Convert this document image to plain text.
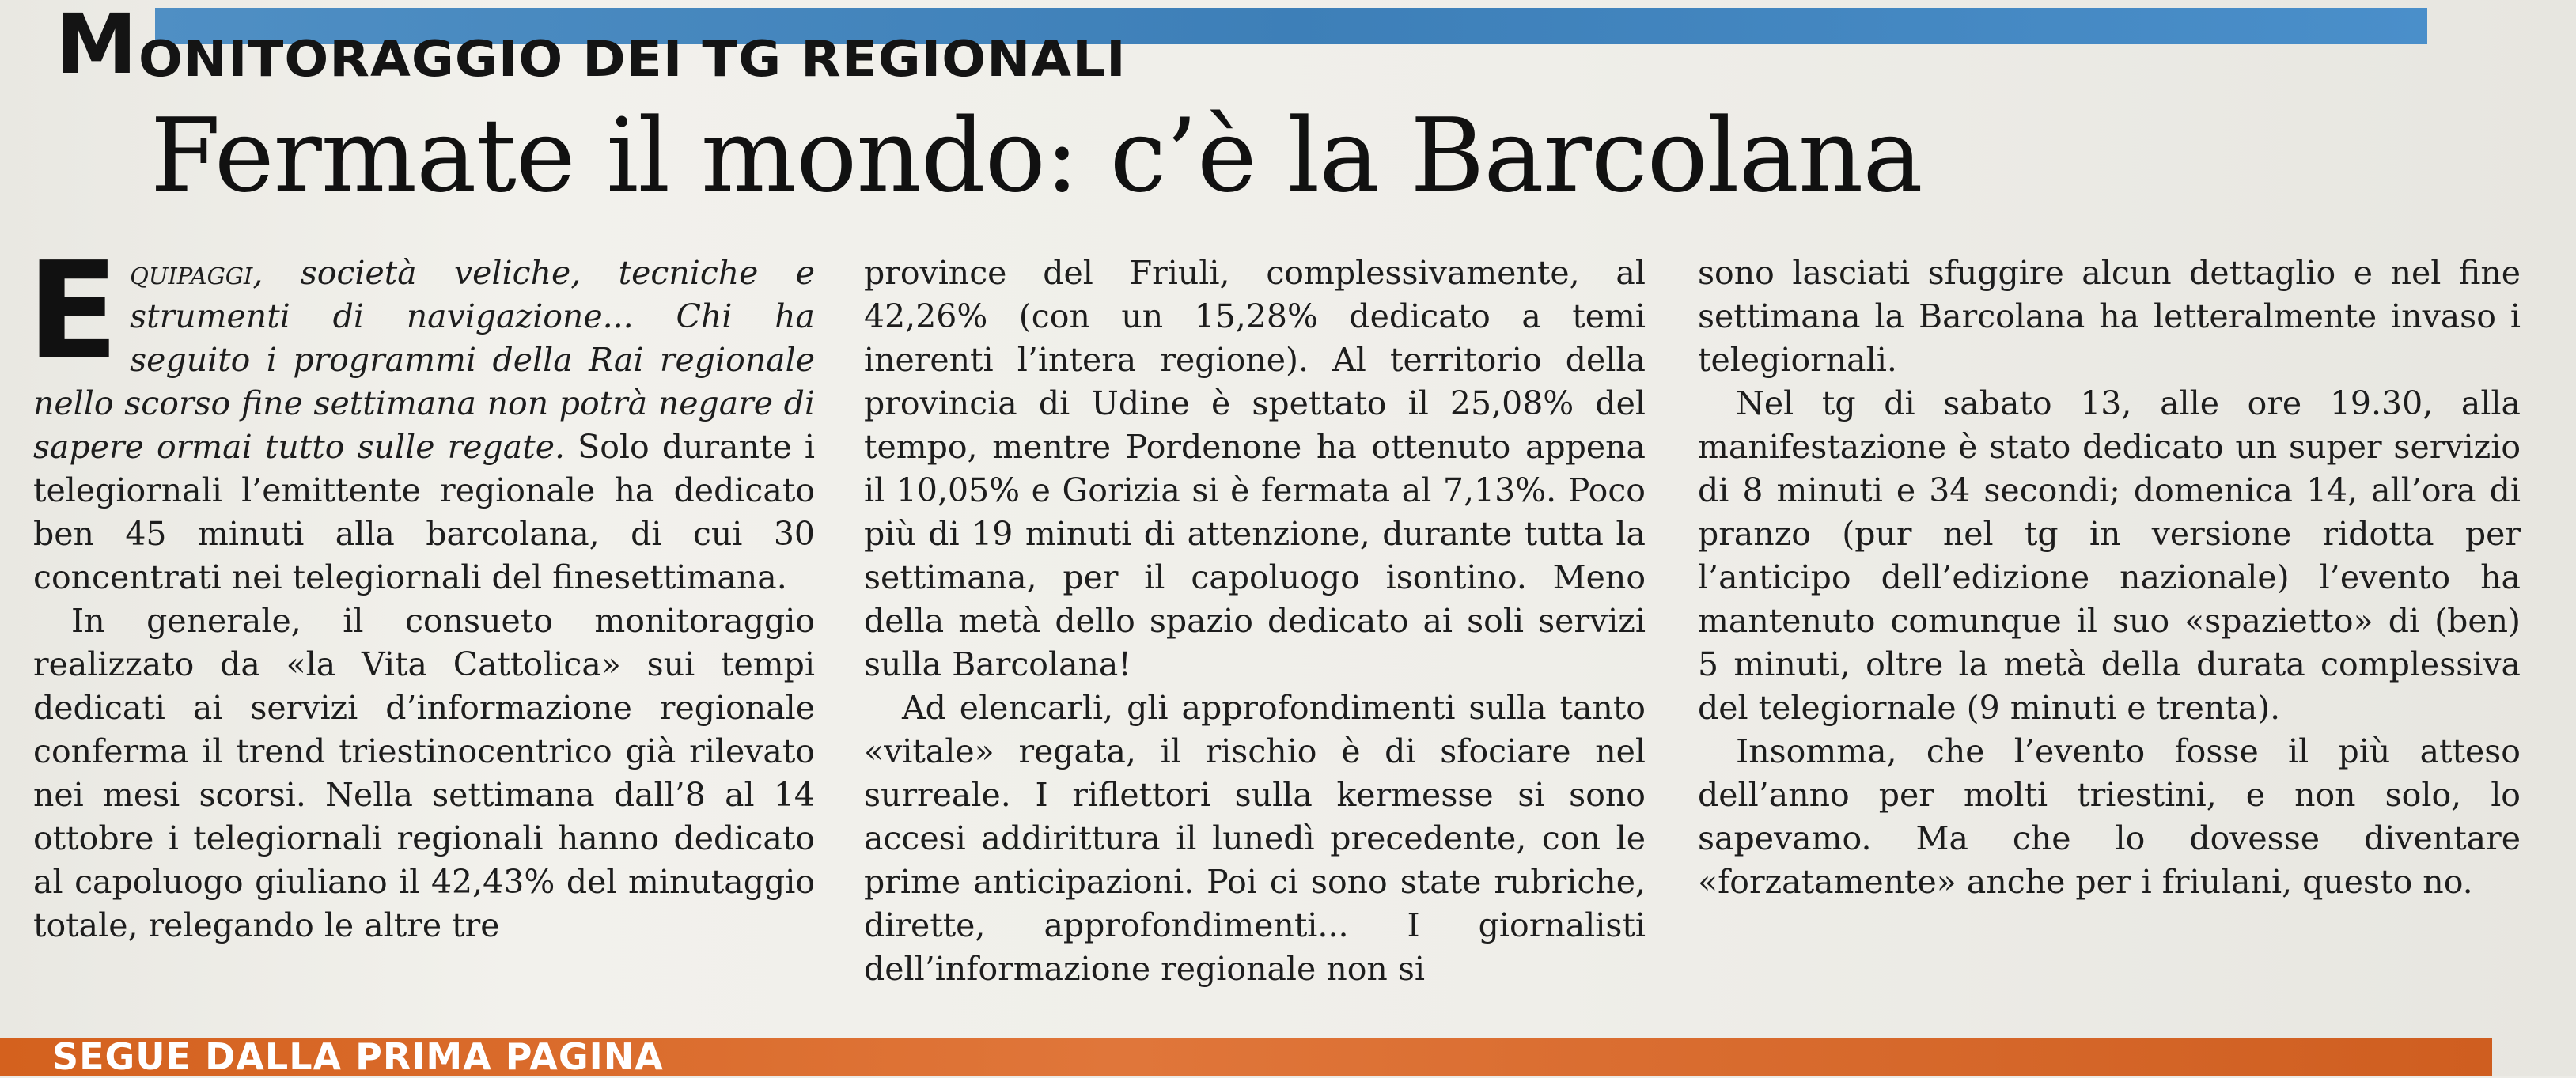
MONITORAGGIO DEI TG REGIONALI
Fermate il mondo: c’è la Barcolana

Equipaggi, società veliche, tecniche e strumenti di navigazione... Chi ha seguito i programmi della Rai regionale nello scorso fine settimana non potrà negare di sapere ormai tutto sulle regate. Solo durante i telegiornali l’emittente regionale ha dedicato ben 45 minuti alla barcolana, di cui 30 concentrati nei telegiornali del finesettimana.

In generale, il consueto monitoraggio realizzato da «la Vita Cattolica» sui tempi dedicati ai servizi d’informazione regionale conferma il trend triestinocentrico già rilevato nei mesi scorsi. Nella settimana dall’8 al 14 ottobre i telegiornali regionali hanno dedicato al capoluogo giuliano il 42,43% del minutaggio totale, relegando le altre tre

province del Friuli, complessivamente, al 42,26% (con un 15,28% dedicato a temi inerenti l’intera regione). Al territorio della provincia di Udine è spettato il 25,08% del tempo, mentre Pordenone ha ottenuto appena il 10,05% e Gorizia si è fermata al 7,13%. Poco più di 19 minuti di attenzione, durante tutta la settimana, per il capoluogo isontino. Meno della metà dello spazio dedicato ai soli servizi sulla Barcolana!

Ad elencarli, gli approfondimenti sulla tanto «vitale» regata, il rischio è di sfociare nel surreale. I riflettori sulla kermesse si sono accesi addirittura il lunedì precedente, con le prime anticipazioni. Poi ci sono state rubriche, dirette, approfondimenti... I giornalisti dell’informazione regionale non si

sono lasciati sfuggire alcun dettaglio e nel fine settimana la Barcolana ha letteralmente invaso i telegiornali.

Nel tg di sabato 13, alle ore 19.30, alla manifestazione è stato dedicato un super servizio di 8 minuti e 34 secondi; domenica 14, all’ora di pranzo (pur nel tg in versione ridotta per l’anticipo dell’edizione nazionale) l’evento ha mantenuto comunque il suo «spazietto» di (ben) 5 minuti, oltre la metà della durata complessiva del telegiornale (9 minuti e trenta).

Insomma, che l’evento fosse il più atteso dell’anno per molti triestini, e non solo, lo sapevamo. Ma che lo dovesse diventare «forzatamente» anche per i friulani, questo no.

SEGUE DALLA PRIMA PAGINA
